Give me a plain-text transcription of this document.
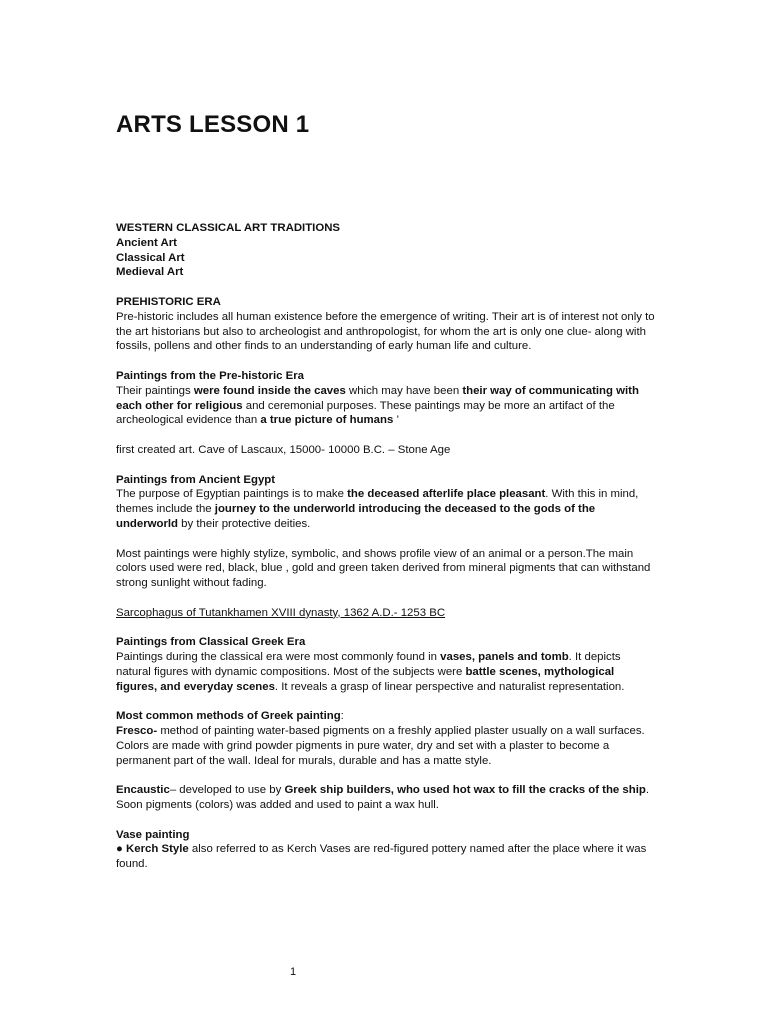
ARTS LESSON 1

WESTERN CLASSICAL ART TRADITIONS

Ancient Art

Classical Art

Medieval Art

PREHISTORIC ERA

Pre-historic includes all human existence before the emergence of writing. Their art is of interest not only to the art historians but also to archeologist and anthropologist, for whom the art is only one clue- along with fossils, pollens and other finds to an understanding of early human life and culture.

Paintings from the Pre-historic Era

Their paintings were found inside the caves which may have been their way of communicating with each other for religious and ceremonial purposes. These paintings may be more an artifact of the archeological evidence than a true picture of humans ’

first created art. Cave of Lascaux, 15000- 10000 B.C. – Stone Age

Paintings from Ancient Egypt

The purpose of Egyptian paintings is to make the deceased afterlife place pleasant. With this in mind, themes include the journey to the underworld introducing the deceased to the gods of the underworld by their protective deities.

Most paintings were highly stylize, symbolic, and shows profile view of an animal or a person.The main colors used were red, black, blue , gold and green taken derived from mineral pigments that can withstand strong sunlight without fading.

Sarcophagus of Tutankhamen XVIII dynasty, 1362 A.D.- 1253 BC

Paintings from Classical Greek Era

Paintings during the classical era were most commonly found in vases, panels and tomb. It depicts natural figures with dynamic compositions. Most of the subjects were battle scenes, mythological figures, and everyday scenes. It reveals a grasp of linear perspective and naturalist representation.

Most common methods of Greek painting:

Fresco- method of painting water-based pigments on a freshly applied plaster usually on a wall surfaces. Colors are made with grind powder pigments in pure water, dry and set with a plaster to become a permanent part of the wall. Ideal for murals, durable and has a matte style.

Encaustic– developed to use by Greek ship builders, who used hot wax to fill the cracks of the ship. Soon pigments (colors) was added and used to paint a wax hull.

Vase painting

● Kerch Style also referred to as Kerch Vases are red-figured pottery named after the place where it was found.

1
